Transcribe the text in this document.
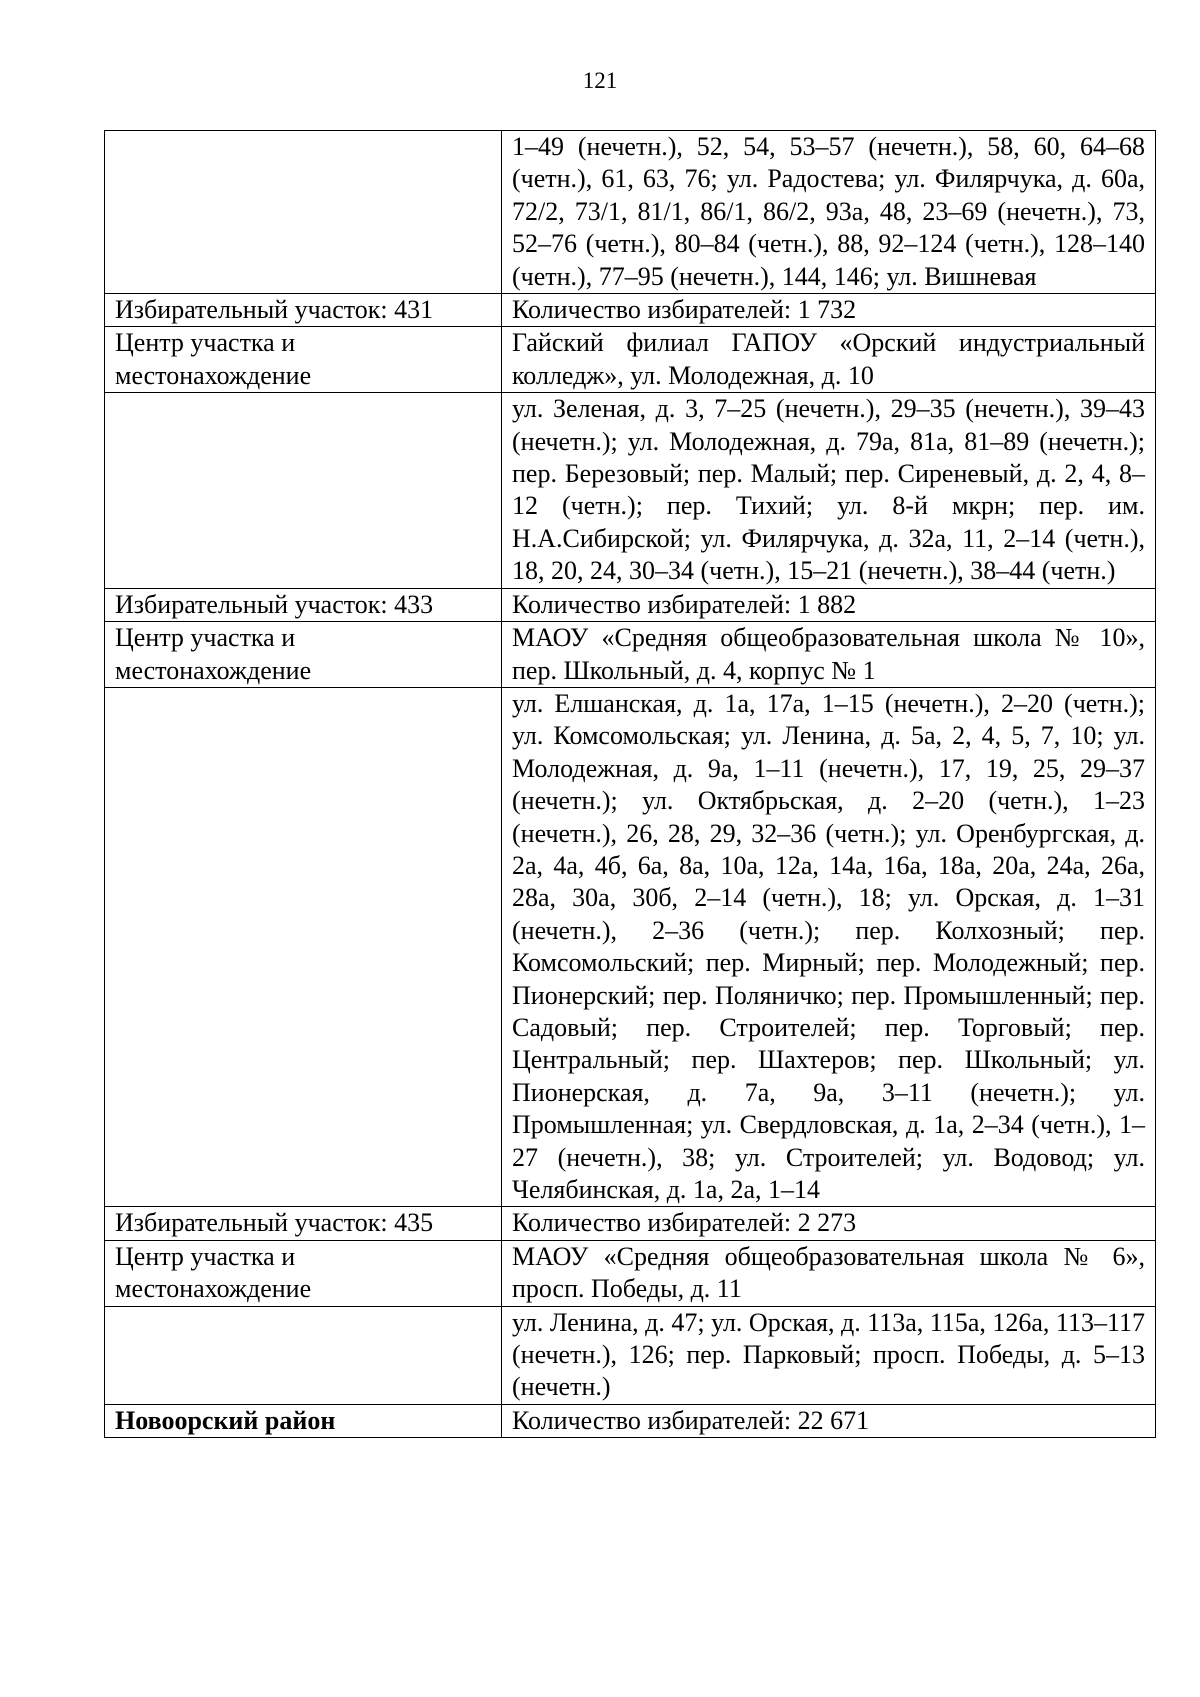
121
	1–49 (нечетн.), 52, 54, 53–57 (нечетн.), 58, 60, 64–68 (четн.), 61, 63, 76; ул. Радостева; ул. Филярчука, д. 60а, 72/2, 73/1, 81/1, 86/1, 86/2, 93а, 48, 23–69 (нечетн.), 73, 52–76 (четн.), 80–84 (четн.), 88, 92–124 (четн.), 128–140 (четн.), 77–95 (нечетн.), 144, 146; ул. Вишневая
Избирательный участок: 431	Количество избирателей: 1 732
Центр участка и местонахождение	Гайский филиал ГАПОУ «Орский индустриальный колледж», ул. Молодежная, д. 10
	ул. Зеленая, д. 3, 7–25 (нечетн.), 29–35 (нечетн.), 39–43 (нечетн.); ул. Молодежная, д. 79а, 81а, 81–89 (нечетн.); пер. Березовый; пер. Малый; пер. Сиреневый, д. 2, 4, 8–12 (четн.); пер. Тихий; ул. 8-й мкрн; пер. им. Н.А.Сибирской; ул. Филярчука, д. 32а, 11, 2–14 (четн.), 18, 20, 24, 30–34 (четн.), 15–21 (нечетн.), 38–44 (четн.)
Избирательный участок: 433	Количество избирателей: 1 882
Центр участка и местонахождение	МАОУ «Средняя общеобразовательная школа № 10», пер. Школьный, д. 4, корпус № 1
	ул. Елшанская, д. 1а, 17а, 1–15 (нечетн.), 2–20 (четн.); ул. Комсомольская; ул. Ленина, д. 5а, 2, 4, 5, 7, 10; ул. Молодежная, д. 9а, 1–11 (нечетн.), 17, 19, 25, 29–37 (нечетн.); ул. Октябрьская, д. 2–20 (четн.), 1–23 (нечетн.), 26, 28, 29, 32–36 (четн.); ул. Оренбургская, д. 2а, 4а, 4б, 6а, 8а, 10а, 12а, 14а, 16а, 18а, 20а, 24а, 26а, 28а, 30а, 30б, 2–14 (четн.), 18; ул. Орская, д. 1–31 (нечетн.), 2–36 (четн.); пер. Колхозный; пер. Комсомольский; пер. Мирный; пер. Молодежный; пер. Пионерский; пер. Поляничко; пер. Промышленный; пер. Садовый; пер. Строителей; пер. Торговый; пер. Центральный; пер. Шахтеров; пер. Школьный; ул. Пионерская, д. 7а, 9а, 3–11 (нечетн.); ул. Промышленная; ул. Свердловская, д. 1а, 2–34 (четн.), 1–27 (нечетн.), 38; ул. Строителей; ул. Водовод; ул. Челябинская, д. 1а, 2а, 1–14
Избирательный участок: 435	Количество избирателей: 2 273
Центр участка и местонахождение	МАОУ «Средняя общеобразовательная школа № 6», просп. Победы, д. 11
	ул. Ленина, д. 47; ул. Орская, д. 113а, 115а, 126а, 113–117 (нечетн.), 126; пер. Парковый; просп. Победы, д. 5–13 (нечетн.)
Новоорский район	Количество избирателей: 22 671
